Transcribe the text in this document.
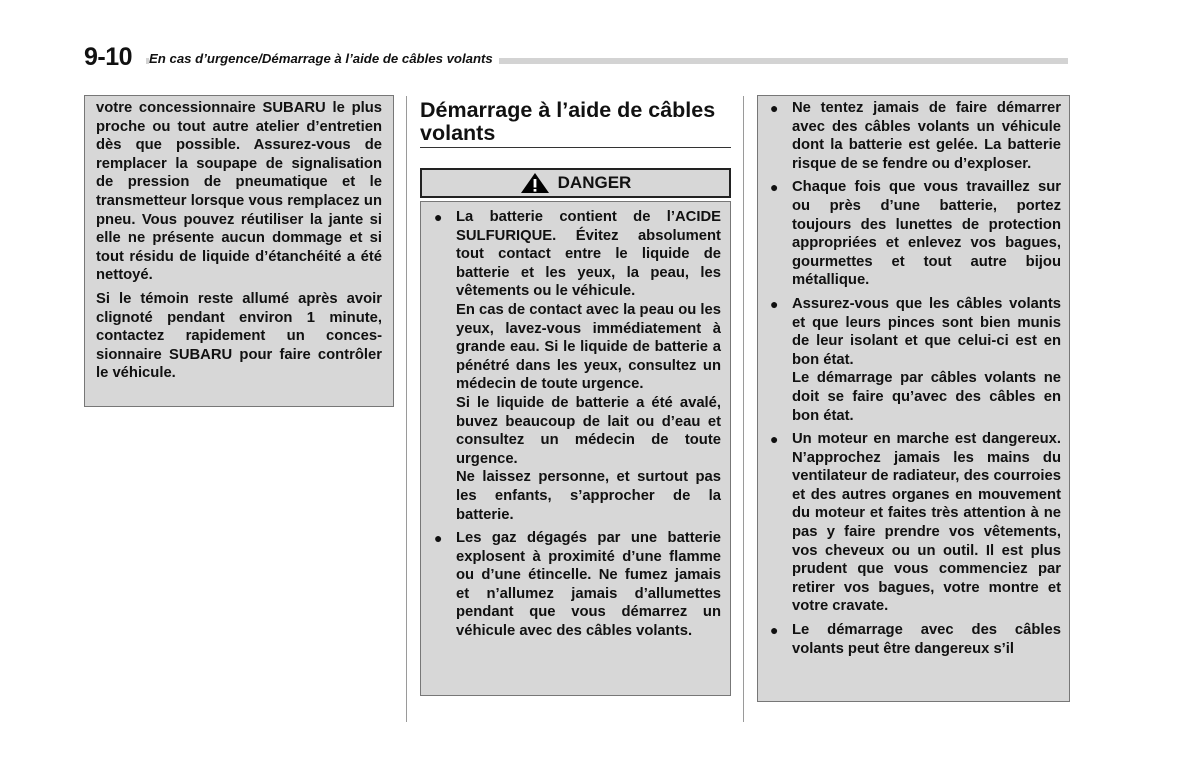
9-10 En cas d’urgence/Démarrage à l’aide de câbles volants

votre concessionnaire SUBARU le plus proche ou tout autre atelier d’entretien dès que possible. Assurez-vous de remplacer la soupape de signalisation de pression de pneumatique et le transmetteur lorsque vous remplacez un pneu. Vous pouvez réutiliser la jante si elle ne présente aucun dommage et si tout résidu de liquide d’étanchéité a été nettoyé.

Si le témoin reste allumé après avoir clignoté pendant environ 1 minute, contactez rapidement un concessionnaire SUBARU pour faire contrôler le véhicule.

Démarrage à l’aide de câbles volants
DANGER
● La batterie contient de l’ACIDE SULFURIQUE. Évitez absolument tout contact entre le liquide de batterie et les yeux, la peau, les vêtements ou le véhicule.

En cas de contact avec la peau ou les yeux, lavez-vous immédiatement à grande eau. Si le liquide de batterie a pénétré dans les yeux, consultez un médecin de toute urgence.

Si le liquide de batterie a été avalé, buvez beaucoup de lait ou d’eau et consultez un médecin de toute urgence.

Ne laissez personne, et surtout pas les enfants, s’approcher de la batterie.

● Les gaz dégagés par une batterie explosent à proximité d’une flamme ou d’une étincelle. Ne fumez jamais et n’allumez jamais d’allumettes pendant que vous démarrez un véhicule avec des câbles volants.

● Ne tentez jamais de faire démarrer avec des câbles volants un véhicule dont la batterie est gelée. La batterie risque de se fendre ou d’exploser.

● Chaque fois que vous travaillez sur ou près d’une batterie, portez toujours des lunettes de protection appropriées et enlevez vos bagues, gourmettes et tout autre bijou métallique.

● Assurez-vous que les câbles volants et que leurs pinces sont bien munis de leur isolant et que celui-ci est en bon état.

Le démarrage par câbles volants ne doit se faire qu’avec des câbles en bon état.

● Un moteur en marche est dangereux. N’approchez jamais les mains du ventilateur de radiateur, des courroies et des autres organes en mouvement du moteur et faites très attention à ne pas y faire prendre vos vêtements, vos cheveux ou un outil. Il est plus prudent que vous commenciez par retirer vos bagues, votre montre et votre cravate.

● Le démarrage avec des câbles volants peut être dangereux s’il
